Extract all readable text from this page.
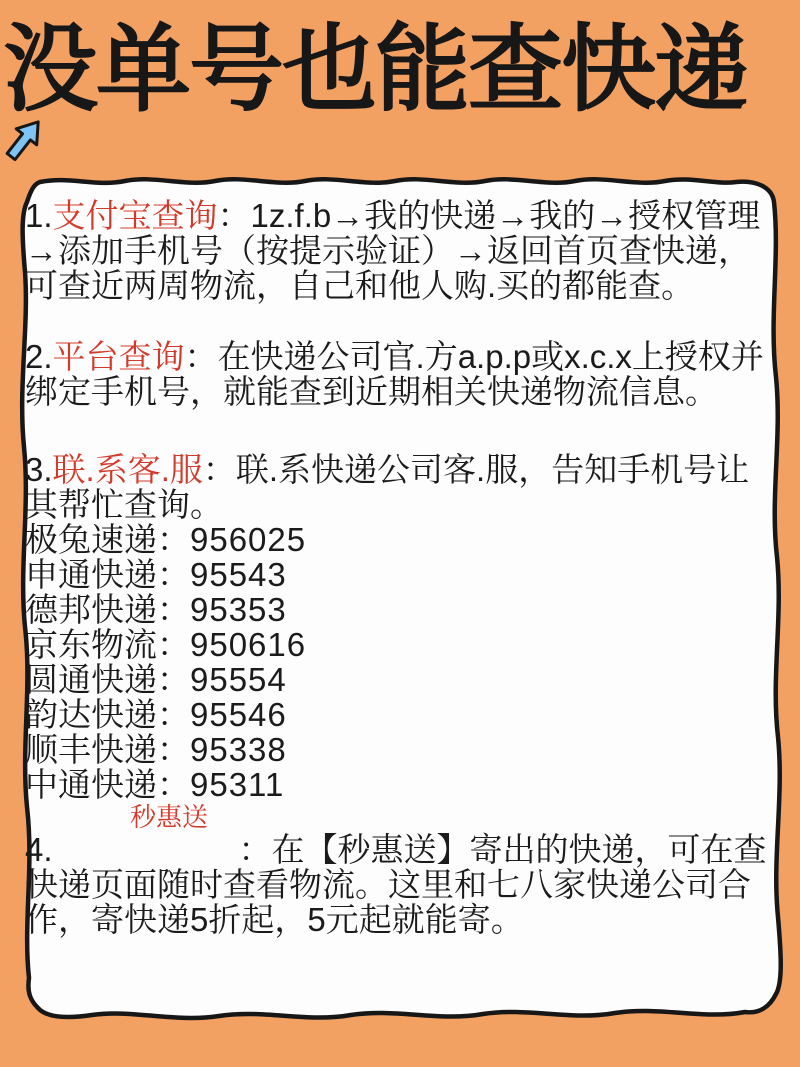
没单号也能查快递

1.支付宝查询：1z.f.b→我的快递→我的→授权管理→添加手机号（按提示验证）→返回首页查快递，可查近两周物流，自己和他人购.买的都能查。

2.平台查询：在快递公司官.方a.p.p或x.c.x上授权并绑定手机号，就能查到近期相关快递物流信息。

3.联.系客.服：联.系快递公司客.服，告知手机号让其帮忙查询。

极兔速递：956025
申通快递：95543
德邦快递：95353
京东物流：950616
圆通快递：95554
韵达快递：95546
顺丰快递：95338
中通快递：95311
秒惠送

4.	：在【秒惠送】寄出的快递，可在查快递页面随时查看物流。这里和七八家快递公司合作，寄快递5折起，5元起就能寄。
